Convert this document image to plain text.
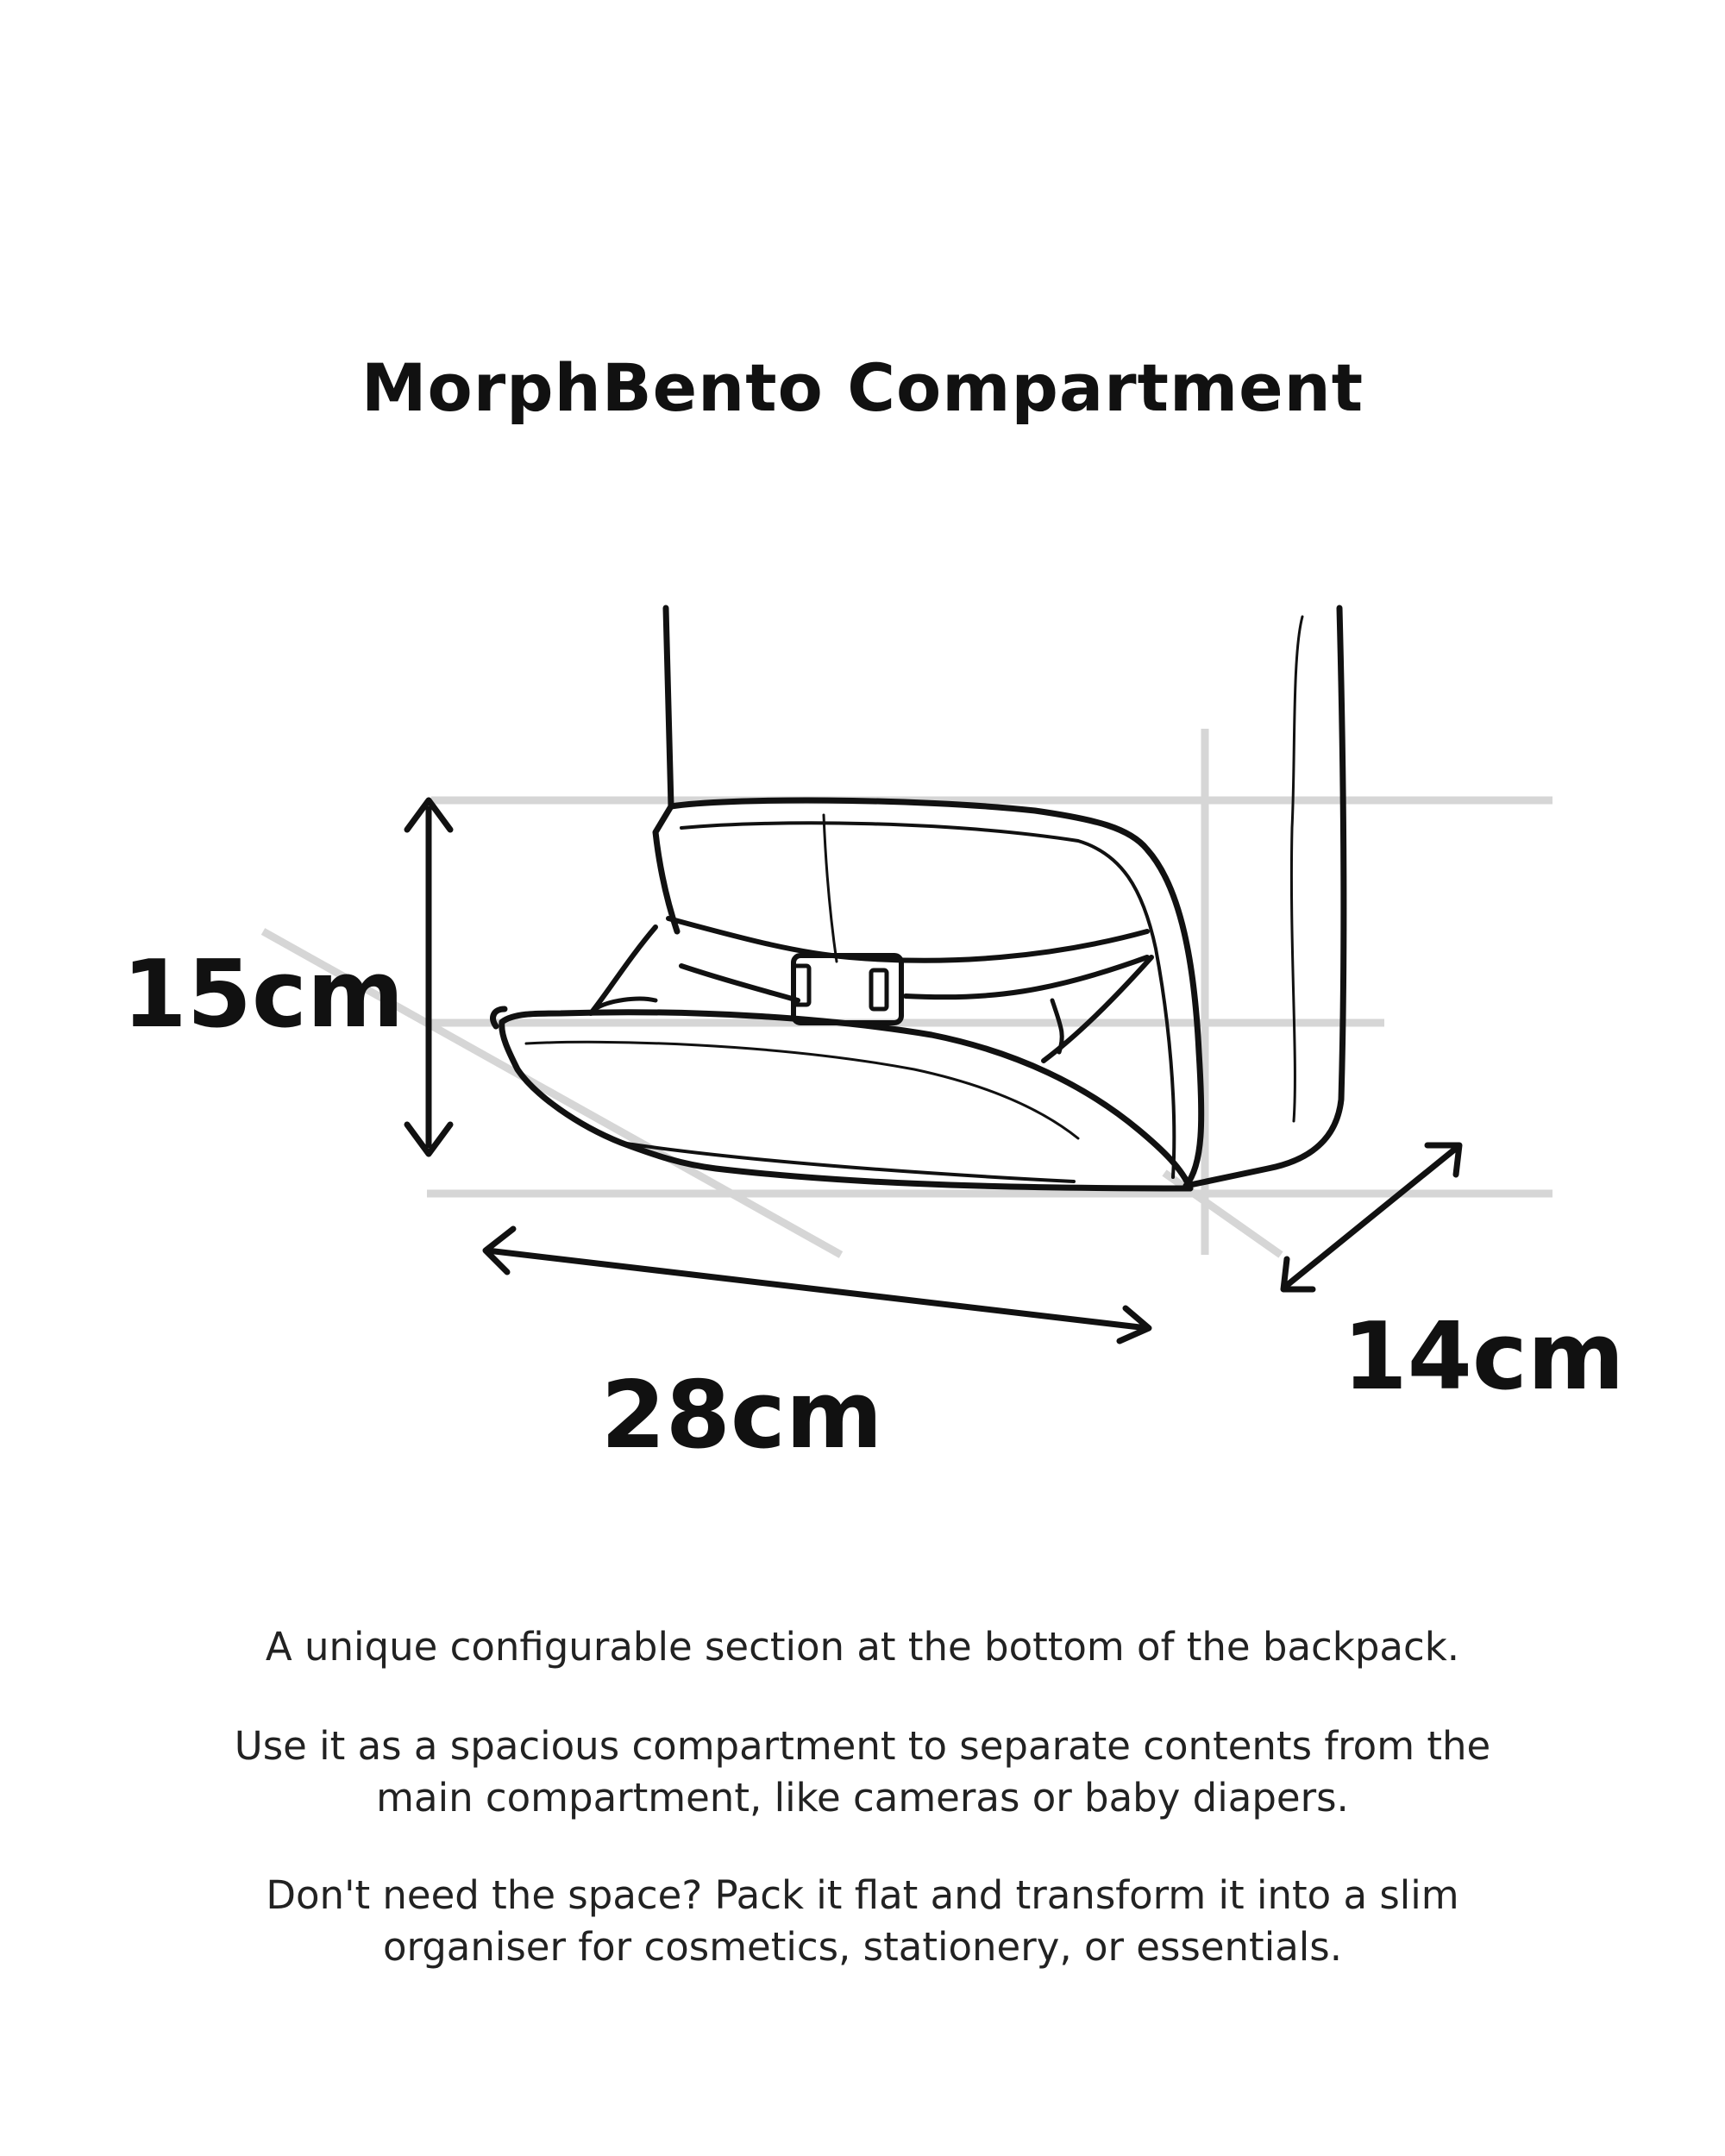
MorphBento Compartment
15cm
28cm
14cm

A unique configurable section at the bottom of the backpack.

Use it as a spacious compartment to separate contents from the
main compartment, like cameras or baby diapers.

Don't need the space? Pack it flat and transform it into a slim
organiser for cosmetics, stationery, or essentials.
